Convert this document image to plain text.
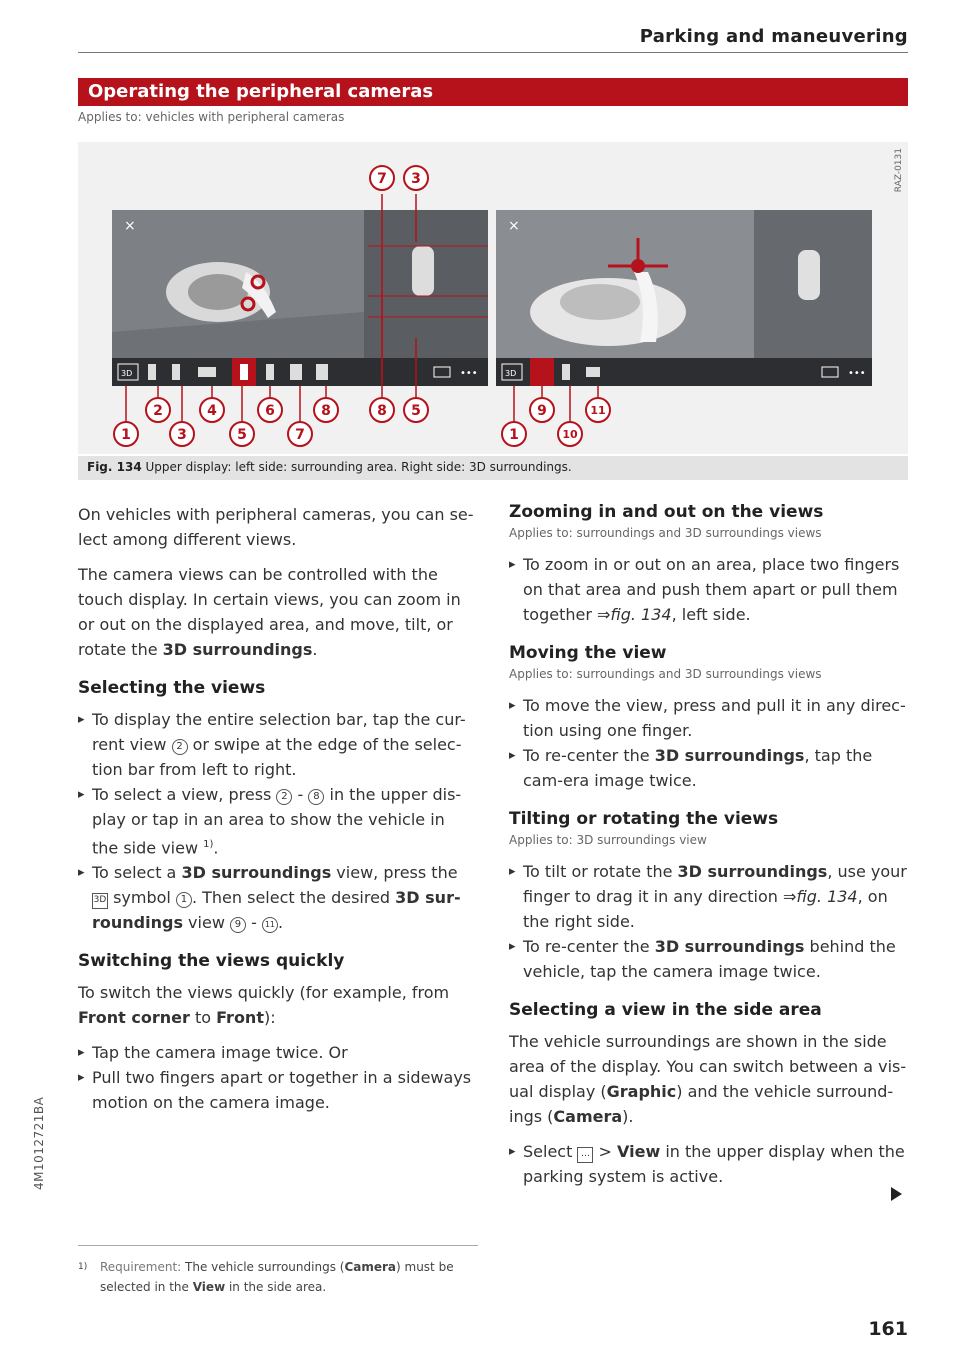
Parking and maneuvering
Operating the peripheral cameras
Applies to: vehicles with peripheral cameras
×
3D	•••
×
3D	•••
7 3
2	4	6	8	8 5
1	3	5	7
9	11
1	10
RAZ-0131
Fig. 134 Upper display: left side: surrounding area. Right side: 3D surroundings.
On vehicles with peripheral cameras, you can se-lect among different views.
The camera views can be controlled with the touch display. In certain views, you can zoom in or out on the displayed area, and move, tilt, or rotate the 3D surroundings.
Selecting the views
▸ To display the entire selection bar, tap the cur-rent view 2 or swipe at the edge of the selec-tion bar from left to right.
▸ To select a view, press 2 - 8 in the upper dis-play or tap in an area to show the vehicle in the side view $^{1)}$.
▸ To select a 3D surroundings view, press the 3D symbol 1 . Then select the desired 3D sur-roundings view 9 - 11 .
Switching the views quickly
To switch the views quickly (for example, from Front corner to Front):
▸ Tap the camera image twice. Or
▸ Pull two fingers apart or together in a sideways motion on the camera image.
1) Requirement: The vehicle surroundings (Camera) must be selected in the View in the side area.
Zooming in and out on the views
Applies to: surroundings and 3D surroundings views
▸ To zoom in or out on an area, place two fingers on that area and push them apart or pull them together ⇒fig. 134, left side.
Moving the view
Applies to: surroundings and 3D surroundings views
▸ To move the view, press and pull it in any direc-tion using one finger.
▸ To re-center the 3D surroundings, tap the cam-era image twice.
Tilting or rotating the views
Applies to: 3D surroundings view
▸ To tilt or rotate the 3D surroundings, use your finger to drag it in any direction ⇒fig. 134, on the right side.
▸ To re-center the 3D surroundings behind the vehicle, tap the camera image twice.
Selecting a view in the side area
The vehicle surroundings are shown in the side area of the display. You can switch between a vis-ual display (Graphic) and the vehicle surround-ings (Camera).
▸ Select … > View in the upper display when the parking system is active.
4M1012721BA
161
